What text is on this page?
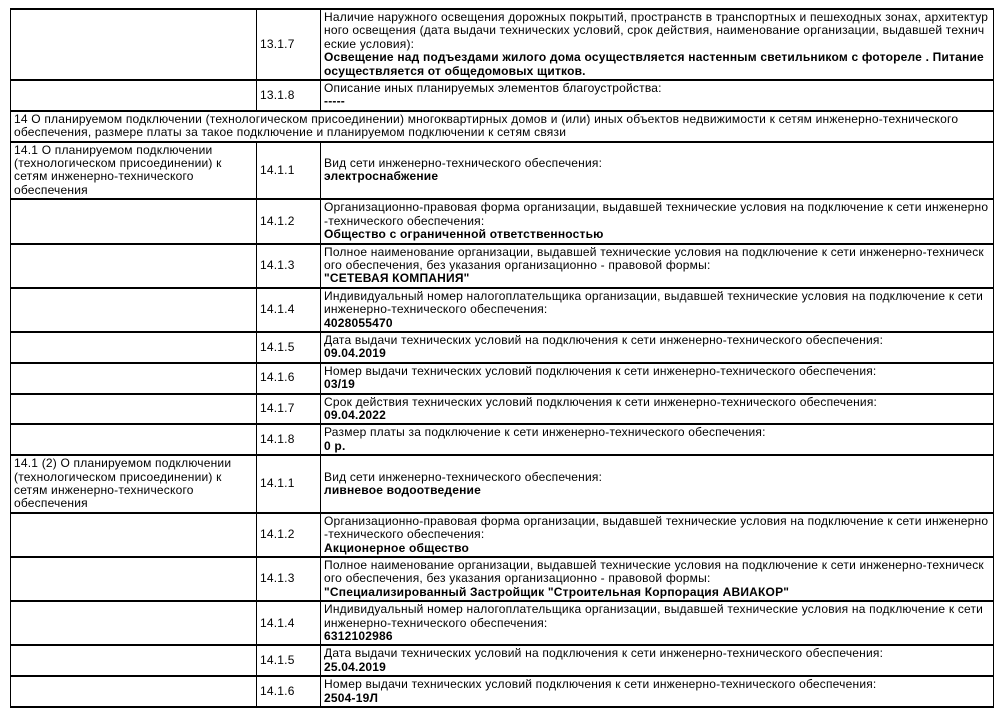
	13.1.7	Наличие наружного освещения дорожных покрытий, пространств в транспортных и пешеходных зонах, архитектурного освещения (дата выдачи технических условий, срок действия, наименование организации, выдавшей технические условия):
Освещение над подъездами жилого дома осуществляется настенным светильником с фотореле . Питание осуществляется от общедомовых щитков.

	13.1.8	Описание иных планируемых элементов благоустройства:
-----

14 О планируемом подключении (технологическом присоединении) многоквартирных домов и (или) иных объектов недвижимости к сетям инженерно-технического обеспечения, размере платы за такое подключение и планируемом подключении к сетям связи		
14.1 О планируемом подключении (технологическом присоединении) к сетям инженерно-технического обеспечения	14.1.1	Вид сети инженерно-технического обеспечения:
электроснабжение

	14.1.2	Организационно-правовая форма организации, выдавшей технические условия на подключение к сети инженерно-технического обеспечения:
Общество с ограниченной ответственностью

	14.1.3	Полное наименование организации, выдавшей технические условия на подключение к сети инженерно-технического обеспечения, без указания организационно - правовой формы:
"СЕТЕВАЯ КОМПАНИЯ"

	14.1.4	Индивидуальный номер налогоплательщика организации, выдавшей технические условия на подключение к сети инженерно-технического обеспечения:
4028055470

	14.1.5	Дата выдачи технических условий на подключения к сети инженерно-технического обеспечения:
09.04.2019

	14.1.6	Номер выдачи технических условий подключения к сети инженерно-технического обеспечения:
03/19

	14.1.7	Срок действия технических условий подключения к сети инженерно-технического обеспечения:
09.04.2022

	14.1.8	Размер платы за подключение к сети инженерно-технического обеспечения:
0 р.

14.1 (2) О планируемом подключении (технологическом присоединении) к сетям инженерно-технического обеспечения	14.1.1	Вид сети инженерно-технического обеспечения:
ливневое водоотведение

	14.1.2	Организационно-правовая форма организации, выдавшей технические условия на подключение к сети инженерно-технического обеспечения:
Акционерное общество

	14.1.3	Полное наименование организации, выдавшей технические условия на подключение к сети инженерно-технического обеспечения, без указания организационно - правовой формы:
"Специализированный Застройщик "Строительная Корпорация АВИАКОР"

	14.1.4	Индивидуальный номер налогоплательщика организации, выдавшей технические условия на подключение к сети инженерно-технического обеспечения:
6312102986

	14.1.5	Дата выдачи технических условий на подключения к сети инженерно-технического обеспечения:
25.04.2019

	14.1.6	Номер выдачи технических условий подключения к сети инженерно-технического обеспечения:
2504-19Л
